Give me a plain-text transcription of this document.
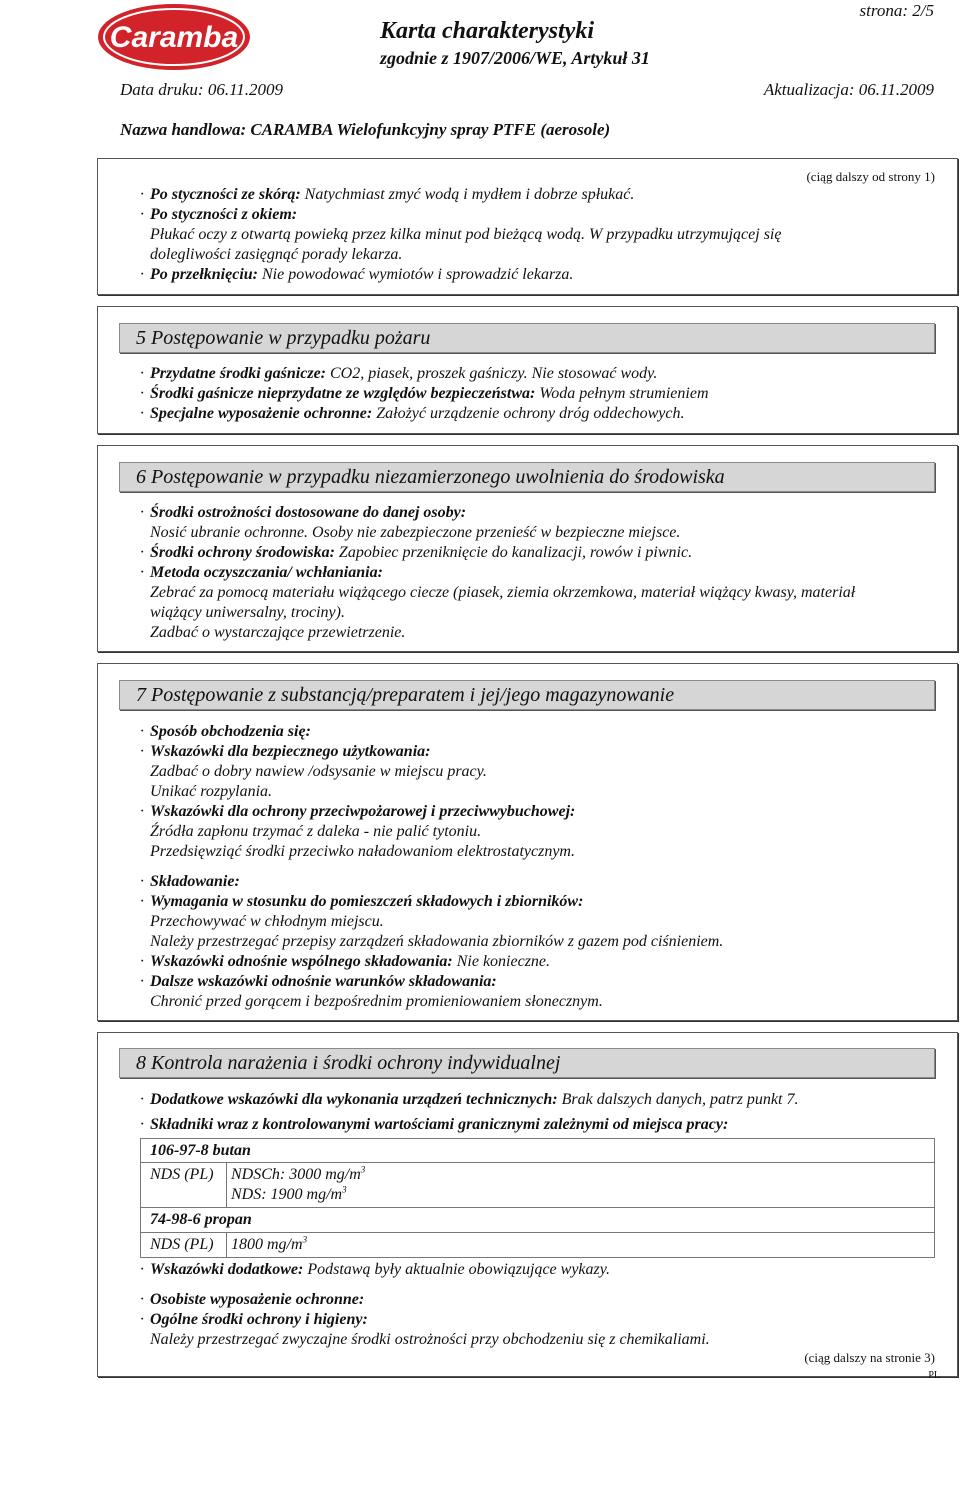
Caramba	Karta charakterystyki
zgodnie z 1907/2006/WE, Artykuł 31
strona: 2/5
Data druku: 06.11.2009	Aktualizacja: 06.11.2009
Nazwa handlowa: CARAMBA Wielofunkcyjny spray PTFE (aerosole)
(ciąg dalszy od strony 1)
· Po styczności ze skórą: Natychmiast zmyć wodą i mydłem i dobrze spłukać.
· Po styczności z okiem:
Płukać oczy z otwartą powieką przez kilka minut pod bieżącą wodą. W przypadku utrzymującej się
dolegliwości zasięgnąć porady lekarza.
· Po przełknięciu: Nie powodować wymiotów i sprowadzić lekarza.
5 Postępowanie w przypadku pożaru
· Przydatne środki gaśnicze: CO2, piasek, proszek gaśniczy. Nie stosować wody.
· Środki gaśnicze nieprzydatne ze względów bezpieczeństwa: Woda pełnym strumieniem
· Specjalne wyposażenie ochronne: Założyć urządzenie ochrony dróg oddechowych.
6 Postępowanie w przypadku niezamierzonego uwolnienia do środowiska
· Środki ostrożności dostosowane do danej osoby:
Nosić ubranie ochronne. Osoby nie zabezpieczone przenieść w bezpieczne miejsce.
· Środki ochrony środowiska: Zapobiec przeniknięcie do kanalizacji, rowów i piwnic.
· Metoda oczyszczania/ wchłaniania:
Zebrać za pomocą materiału wiążącego ciecze (piasek, ziemia okrzemkowa, materiał wiążący kwasy, materiał
wiążący uniwersalny, trociny).
Zadbać o wystarczające przewietrzenie.
7 Postępowanie z substancją/preparatem i jej/jego magazynowanie
· Sposób obchodzenia się:
· Wskazówki dla bezpiecznego użytkowania:
Zadbać o dobry nawiew /odsysanie w miejscu pracy.
Unikać rozpylania.
· Wskazówki dla ochrony przeciwpożarowej i przeciwwybuchowej:
Źródła zapłonu trzymać z daleka - nie palić tytoniu.
Przedsięwziąć środki przeciwko naładowaniom elektrostatycznym.
· Składowanie:
· Wymagania w stosunku do pomieszczeń składowych i zbiorników:
Przechowywać w chłodnym miejscu.
Należy przestrzegać przepisy zarządzeń składowania zbiorników z gazem pod ciśnieniem.
· Wskazówki odnośnie wspólnego składowania: Nie konieczne.
· Dalsze wskazówki odnośnie warunków składowania:
Chronić przed gorącem i bezpośrednim promieniowaniem słonecznym.
8 Kontrola narażenia i środki ochrony indywidualnej
· Dodatkowe wskazówki dla wykonania urządzeń technicznych: Brak dalszych danych, patrz punkt 7.
· Składniki wraz z kontrolowanymi wartościami granicznymi zależnymi od miejsca pracy:
106-97-8 butan
NDS (PL)	NDSCh: 3000 $mg/m^3$
NDS: 1900 $mg/m^3$
74-98-6 propan
NDS (PL)	1800 $mg/m^3$
· Wskazówki dodatkowe: Podstawą były aktualnie obowiązujące wykazy.
· Osobiste wyposażenie ochronne:
· Ogólne środki ochrony i higieny:
Należy przestrzegać zwyczajne środki ostrożności przy obchodzeniu się z chemikaliami.
(ciąg dalszy na stronie 3)
PL
